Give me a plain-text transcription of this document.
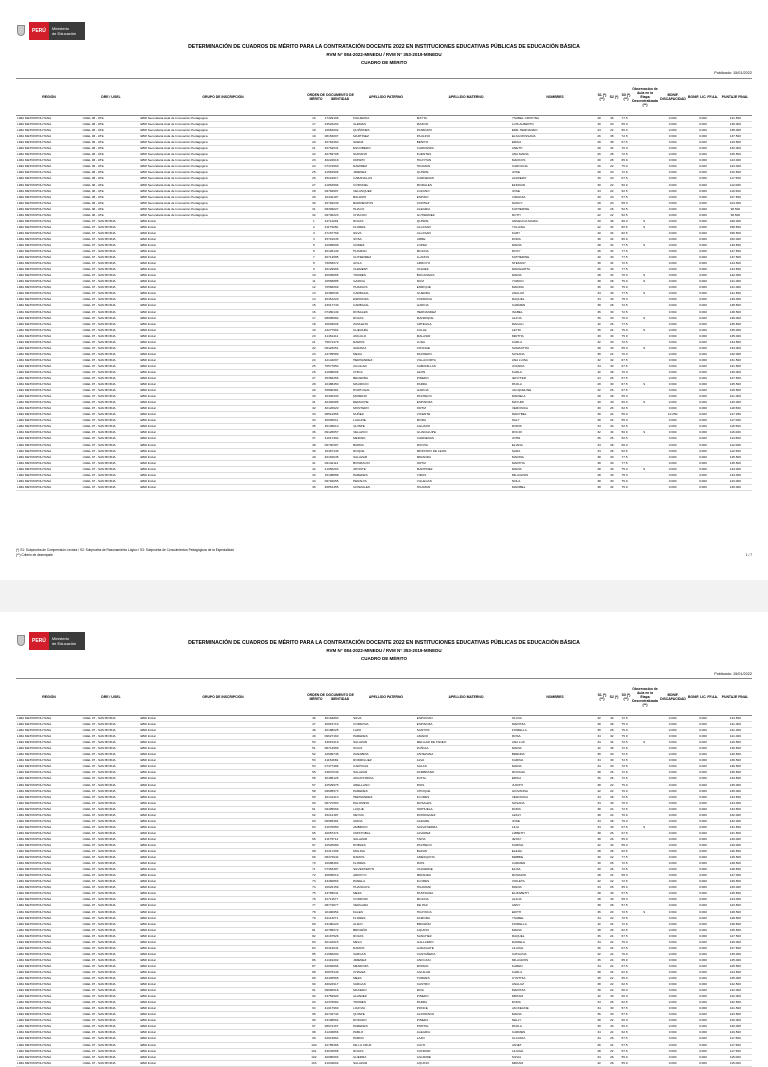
PERÚ	Ministerio
de Educación
DETERMINACIÓN DE CUADROS DE MÉRITO PARA LA CONTRATACIÓN DOCENTE 2022 EN INSTITUCIONES EDUCATIVAS PÚBLICAS DE EDUCACIÓN BÁSICA
RVM N° 084-2022-MINEDU / RVM N° 353-2019-MINEDU
CUADRO DE MÉRITO
Publicado: 15/01/2022
REGIÓN	DRE / UGEL	GRUPO DE INSCRIPCIÓN	ORDEN DE MÉRITO
DOCUMENTO DE IDENTIDAD	APELLIDO PATERNO	APELLIDO MATERNO	NOMBRES	S1 (*) (**)	S2 (*) S3 (*) (**)
Observación de Aula en la Etapa Descentralizada (**)
BONIF. DISCAPACIDAD BONIF. LIC. FF.AA.	PUNTAJE FINAL
LIMA METROPOLITANA	UGEL 06 - ATE	EBR Secundaria Aula de Innovación Pedagógica	16	17429196	FIGUEROA	MAYTA	YSABEL CRISTINA	28	36	77.5	0.000	0.000	141.500
LIMA METROPOLITANA	UGEL 06 - ATE	EBR Secundaria Aula de Innovación Pedagógica	17	43522202	ALEMAN	MAZON	LUIS ALBERTO	30	20	65.0	0.000	0.000	139.000
LIMA METROPOLITANA	UGEL 06 - ATE	EBR Secundaria Aula de Innovación Pedagógica	18	10664002	QUIÑONES	PANDURO	EMIL HERNANDO	34	22	60.0	0.000	0.000	138.000
LIMA METROPOLITANA	UGEL 06 - ATE	EBR Secundaria Aula de Innovación Pedagógica	19	08153007	MARTINEZ	PAULINO	ELSA ROSSANA	26	38	72.5	0.000	0.000	137.500
LIMA METROPOLITANA	UGEL 06 - ATE	EBR Secundaria Aula de Innovación Pedagógica	20	40764460	SAENZ	BENITO	ERIKA	28	38	67.5	0.000	0.000	133.500
LIMA METROPOLITANA	UGEL 06 - ATE	EBR Secundaria Aula de Innovación Pedagógica	21	45764031	ESCOBEDO	CARRANZA	ANETH	28	34	70.0	0.000	0.000	132.000
LIMA METROPOLITANA	UGEL 06 - ATE	EBR Secundaria Aula de Innovación Pedagógica	22	40769708	SURIANO	FUENTES	ANA MARIA	26	28	72.5	0.000	0.000	126.500
LIMA METROPOLITANA	UGEL 06 - ATE	EBR Secundaria Aula de Innovación Pedagógica	23	40224618	CRISPO	HUAYTAN	MARCOS	30	28	65.0	0.000	0.000	123.000
LIMA METROPOLITANA	UGEL 06 - ATE	EBR Secundaria Aula de Innovación Pedagógica	24	07474669	RAMIREZ	HUAMAN	CAROLINA	26	22	75.0	0.000	0.000	123.000
LIMA METROPOLITANA	UGEL 06 - ATE	EBR Secundaria Aula de Innovación Pedagógica	25	41563996	JIMENEZ	QUISPE	JOSE	28	20	72.5	0.000	0.000	120.500
LIMA METROPOLITANA	UGEL 06 - ATE	EBR Secundaria Aula de Innovación Pedagógica	26	45224017	CABANILLAS	CARDENAS	ALFREDO	30	20	67.5	0.000	0.000	117.500
LIMA METROPOLITANA	UGEL 06 - ATE	EBR Secundaria Aula de Innovación Pedagógica	27	41864596	CORONEL	MORALES	EFFRAIN	30	22	60.0	0.000	0.000	112.000
LIMA METROPOLITANA	UGEL 06 - ATE	EBR Secundaria Aula de Innovación Pedagógica	28	09784997	VELASQUEZ	LOZANO	JOSE	34	24	52.5	0.000	0.000	110.500
LIMA METROPOLITANA	UGEL 06 - ATE	EBR Secundaria Aula de Innovación Pedagógica	29	10442187	BALDIZO	ESPINO	VIRGINIA	30	20	57.5	0.000	0.000	107.500
LIMA METROPOLITANA	UGEL 06 - ATE	EBR Secundaria Aula de Innovación Pedagógica	30	46792239	BARRIENTOS	CORTEZ	NANCY	28	20	55.0	0.000	0.000	103.000
LIMA METROPOLITANA	UGEL 06 - ATE	EBR Secundaria Aula de Innovación Pedagógica	31	08309027	HUACO	ALEGRIA	KATHERINE	18	26	52.5	0.000	0.000	96.500
LIMA METROPOLITANA	UGEL 06 - ATE	EBR Secundaria Aula de Innovación Pedagógica	32	09706223	CHACON	GUTIERREZ	RUTH	22	22	52.5	0.000	0.000	96.500
LIMA METROPOLITANA	UGEL 07 - SAN BORJA	EBR Inicial	1	44711249	ROJAS	QUISPE	ANGELICA MARIA	40	36	90.0	S	0.000	0.000	166.000
LIMA METROPOLITANA	UGEL 07 - SAN BORJA	EBR Inicial	2	41175260	FLORES	ALLASAR	YULIANA	42	34	82.5	S	0.000	0.000	158.500
LIMA METROPOLITANA	UGEL 07 - SAN BORJA	EBR Inicial	3	47167769	SILVA	ALLASAR	KARY	40	34	82.5	0.000	0.000	156.500
LIMA METROPOLITANA	UGEL 07 - SAN BORJA	EBR Inicial	4	45710045	SOSA	URBE	DORA	38	34	80.0	0.000	0.000	152.000
LIMA METROPOLITANA	UGEL 07 - SAN BORJA	EBR Inicial	5	42089608	GOMEZ	LOPEZ	MARIA	38	34	77.5	S	0.000	0.000	149.500
LIMA METROPOLITANA	UGEL 07 - SAN BORJA	EBR Inicial	6	40126149	HUAMAN	MOLINA	ROXY	36	34	77.5	0.000	0.000	147.500
LIMA METROPOLITANA	UGEL 07 - SAN BORJA	EBR Inicial	7	46714685	GUTIERREZ	LLANOS	KATHERINE	40	30	77.5	0.000	0.000	147.500
LIMA METROPOLITANA	UGEL 07 - SAN BORJA	EBR Inicial	8	76653072	AVILA	ARROYO	STEFANY	38	34	72.5	0.000	0.000	144.500
LIMA METROPOLITANA	UGEL 07 - SAN BORJA	EBR Inicial	9	46129966	CLEMENT	VALDEZ	MARGARITA	36	30	77.5	0.000	0.000	143.500
LIMA METROPOLITANA	UGEL 07 - SAN BORJA	EBR Inicial	10	40909665	TORRES	BOCANGRA	MARIA	38	34	70.0	S	0.000	0.000	142.000
LIMA METROPOLITANA	UGEL 07 - SAN BORJA	EBR Inicial	11	16583885	GARCIA	RUIZ	YURIKO	38	28	75.0	S	0.000	0.000	141.000
LIMA METROPOLITANA	UGEL 07 - SAN BORJA	EBR Inicial	12	70566699	HUARAYA	ENRIQUE	MARINA	36	30	75.0	0.000	0.000	141.000
LIMA METROPOLITANA	UGEL 07 - SAN BORJA	EBR Inicial	13	10466546	CARBAJAL	GUERRA	ANALUZ	34	30	77.5	S	0.000	0.000	141.500
LIMA METROPOLITANA	UGEL 07 - SAN BORJA	EBR Inicial	14	40451229	ESPINOZA	CORDOVA	RAQUEL	34	30	75.0	0.000	0.000	139.000
LIMA METROPOLITANA	UGEL 07 - SAN BORJA	EBR Inicial	15	43017749	CARBAJAL	GARCIA	CARMEN	38	28	72.5	0.000	0.000	138.500
LIMA METROPOLITANA	UGEL 07 - SAN BORJA	EBR Inicial	16	07480149	ROSALES	HERNANDEZ	ISABEL	36	30	72.5	0.000	0.000	138.500
LIMA METROPOLITANA	UGEL 07 - SAN BORJA	EBR Inicial	17	08995082	ROJAS	MANRIQUE	ALICIA	36	30	70.0	S	0.000	0.000	136.000
LIMA METROPOLITANA	UGEL 07 - SAN BORJA	EBR Inicial	18	10603006	ZAVALETA	ARTEAGA	MAGALI	32	26	77.5	0.000	0.000	135.500
LIMA METROPOLITANA	UGEL 07 - SAN BORJA	EBR Inicial	19	43277964	GUEVARA	CALLE	LEYDI	36	24	75.0	S	0.000	0.000	135.000
LIMA METROPOLITANA	UGEL 07 - SAN BORJA	EBR Inicial	20	41461411	ANGULO	MALASIR	MIRTHA	30	30	75.0	0.000	0.000	135.000
LIMA METROPOLITANA	UGEL 07 - SAN BORJA	EBR Inicial	21	75671479	RAMOS	LUNA	CARLA	32	30	72.5	0.000	0.000	134.500
LIMA METROPOLITANA	UGEL 07 - SAN BORJA	EBR Inicial	22	09423251	SARAVIA	CHANGE	SAMANTHA	38	30	65.0	S	0.000	0.000	133.000
LIMA METROPOLITANA	UGEL 07 - SAN BORJA	EBR Inicial	23	44795589	MEJIA	PACHERO	SUSANA	38	24	70.0	0.000	0.000	132.000
LIMA METROPOLITANA	UGEL 07 - SAN BORJA	EBR Inicial	24	42144097	HERNANDEZ	VILLACORTA	ANA LUISA	32	32	67.5	0.000	0.000	131.500
LIMA METROPOLITANA	UGEL 07 - SAN BORJA	EBR Inicial	25	76577850	AGUILAR	CABANILLAS	JOANNA	34	30	67.5	0.000	0.000	131.500
LIMA METROPOLITANA	UGEL 07 - SAN BORJA	EBR Inicial	26	41686606	CHICA	LEON	KARLA	32	28	70.0	0.000	0.000	130.000
LIMA METROPOLITANA	UGEL 07 - SAN BORJA	EBR Inicial	27	45366256	BECERRA	PINEDO	JENYTER	34	26	67.5	0.000	0.000	127.500
LIMA METROPOLITANA	UGEL 07 - SAN BORJA	EBR Inicial	28	10488450	MAURICIO	PARRA	PAOLA	28	30	67.5	S	0.000	0.000	125.500
LIMA METROPOLITANA	UGEL 07 - SAN BORJA	EBR Inicial	29	45890481	PORTUGAL	GARCIA	JACQUELINE	32	26	67.5	0.000	0.000	125.500
LIMA METROPOLITANA	UGEL 07 - SAN BORJA	EBR Inicial	30	10330430	MORENO	PACHECO	MARIELA	28	28	65.0	0.000	0.000	121.000
LIMA METROPOLITANA	UGEL 07 - SAN BORJA	EBR Inicial	31	40492686	REMACHE	ESPINOZA	MAYUMI	30	30	60.0	S	0.000	0.000	120.000
LIMA METROPOLITANA	UGEL 07 - SAN BORJA	EBR Inicial	32	40126920	MONTERO	ORTIZ	VERONICA	30	26	62.5	0.000	0.000	118.500
LIMA METROPOLITANA	UGEL 07 - SAN BORJA	EBR Inicial	33	08512956	NUÑEZ	VICENTE	MARYBEL	38	24	55.0	10.250	0.000	127.250
LIMA METROPOLITANA	UGEL 07 - SAN BORJA	EBR Inicial	34	40935011	LAGUNE	MORA	SALY	38	24	55.0	0.000	0.000	117.000
LIMA METROPOLITANA	UGEL 07 - SAN BORJA	EBR Inicial	35	45109610	QUISPE	AGUADO	DORIS	34	30	52.5	0.000	0.000	116.500
LIMA METROPOLITANA	UGEL 07 - SAN BORJA	EBR Inicial	36	09126657	VELAZCO	GUADALUPE	ROCIO	32	34	50.0	S	0.000	0.000	116.000
LIMA METROPOLITANA	UGEL 07 - SAN BORJA	EBR Inicial	37	41017302	MERINO	CARDENAS	JOHN	36	26	52.5	0.000	0.000	114.500
LIMA METROPOLITANA	UGEL 07 - SAN BORJA	EBR Inicial	38	09700497	BARRA	ROCHA	ELIANA	34	28	50.0	0.000	0.000	112.000
LIMA METROPOLITANA	UGEL 07 - SAN BORJA	EBR Inicial	39	10467146	ROQUE	MINISTRO DE LEON	SARA	34	26	52.5	0.000	0.000	112.500
LIMA METROPOLITANA	UGEL 07 - SAN BORJA	EBR Inicial	40	40181645	SALAZAR	MIRANDA	MARINA	38	30	77.5	0.000	0.000	145.500
LIMA METROPOLITANA	UGEL 07 - SAN BORJA	EBR Inicial	41	09132114	BONIFACIO	ORTIZ	MARTHA	38	30	77.5	0.000	0.000	145.500
LIMA METROPOLITANA	UGEL 07 - SAN BORJA	EBR Inicial	42	41050203	APONTE	MARTINEZ	MARIA	38	30	75.0	S	0.000	0.000	143.000
LIMA METROPOLITANA	UGEL 07 - SAN BORJA	EBR Inicial	43	15198888	PAREDES	VIRUS	MILAGROS	38	30	75.0	0.000	0.000	143.000
LIMA METROPOLITANA	UGEL 07 - SAN BORJA	EBR Inicial	44	09794055	PERALTA	VILLEGAS	NOLA	38	30	75.0	0.000	0.000	143.000
LIMA METROPOLITANA	UGEL 07 - SAN BORJA	EBR Inicial	45	40851455	GONZALES	HUAMAN	MARIBEL	38	32	75.0	0.000	0.000	145.000
(*) S1: Subprueba de Comprensión Lectora / S2: Subprueba de Razonamiento Lógico / S3: Subprueba de Conocimientos Pedagógicos de la Especialidad
(**) Criterio de desempate	1 / 7
PERÚ	Ministerio
de Educación	DETERMINACIÓN DE CUADROS DE MÉRITO PARA LA CONTRATACIÓN DOCENTE 2022 EN INSTITUCIONES EDUCATIVAS PÚBLICAS DE EDUCACIÓN BÁSICA
RVM N° 084-2022-MINEDU / RVM N° 353-2019-MINEDU
CUADRO DE MÉRITO
Publicado: 15/01/2022
REGIÓN	DRE / UGEL	GRUPO DE INSCRIPCIÓN	ORDEN DE MÉRITO
DOCUMENTO DE IDENTIDAD	APELLIDO PATERNO	APELLIDO MATERNO	NOMBRES	S1 (*) (**)	S2 (*) S3 (*) (**)
Observación de Aula en la Etapa Descentralizada (**)
BONIF. DISCAPACIDAD BONIF. LIC. FF.AA.	PUNTAJE FINAL
LIMA METROPOLITANA	UGEL 07 - SAN BORJA	EBR Inicial	46	40164893	SILVA	ESPICHAN	OLIVIA	32	40	72.5	0.000	0.000	144.500
LIMA METROPOLITANA	UGEL 07 - SAN BORJA	EBR Inicial	47	40815719	CORDOVA	ESPINOZA	MARITZA	38	28	75.0	0.000	0.000	141.000
LIMA METROPOLITANA	UGEL 07 - SAN BORJA	EBR Inicial	48	40188025	LAZO	SANTOS	FIORELLA	38	28	75.0	0.000	0.000	141.000
LIMA METROPOLITANA	UGEL 07 - SAN BORJA	EBR Inicial	49	09627160	PAREDES	AMADO	ROSA	34	32	75.0	0.000	0.000	141.000
LIMA METROPOLITANA	UGEL 07 - SAN BORJA	EBR Inicial	50	43015419	SALAZAR	MELGAR DE TADEO	ANA LUZ	34	34	72.5	S	0.000	0.000	140.500
LIMA METROPOLITANA	UGEL 07 - SAN BORJA	EBR Inicial	51	08714568	SOLIS	ZUÑIGA	MARIA	32	36	72.5	0.000	0.000	140.500
LIMA METROPOLITANA	UGEL 07 - SAN BORJA	EBR Inicial	52	10599748	ZANABRIA	ANTEZANA	BRENDA	38	30	72.5	0.000	0.000	140.500
LIMA METROPOLITANA	UGEL 07 - SAN BORJA	EBR Inicial	53	41152669	RODRIGUEZ	ALVA	KARINA	34	30	72.5	0.000	0.000	136.500
LIMA METROPOLITANA	UGEL 07 - SAN BORJA	EBR Inicial	54	07477489	CARHUAS	SALAS	MARIA	34	30	72.5	0.000	0.000	136.500
LIMA METROPOLITANA	UGEL 07 - SAN BORJA	EBR Inicial	55	43847049	SALAZAR	ZAMBRANO	ROXANA	38	26	72.5	0.000	0.000	136.500
LIMA METROPOLITANA	UGEL 07 - SAN BORJA	EBR Inicial	56	40486126	ANGOSTRIDA	ZUTAL	ERIKA	36	26	72.5	0.000	0.000	134.500
LIMA METROPOLITANA	UGEL 07 - SAN BORJA	EBR Inicial	57	42529976	ARELLANO	RIOS	JUDITH	38	22	75.0	0.000	0.000	135.000
LIMA METROPOLITANA	UGEL 07 - SAN BORJA	EBR Inicial	58	09695573	PAREDES	CHOQUE	GIOVANNA	42	24	70.0	0.000	0.000	136.000
LIMA METROPOLITANA	UGEL 07 - SAN BORJA	EBR Inicial	59	40141413	HERNANDEZ	FLORES	VERONICA	34	28	72.5	0.000	0.000	134.500
LIMA METROPOLITANA	UGEL 07 - SAN BORJA	EBR Inicial	60	08727063	PALOMINO	ROSALES	SUSANA	34	30	70.0	0.000	0.000	134.000
LIMA METROPOLITANA	UGEL 07 - SAN BORJA	EBR Inicial	61	09405669	LUQUE	ORIHUELA	DORA	38	24	72.5	0.000	0.000	134.500
LIMA METROPOLITANA	UGEL 07 - SAN BORJA	EBR Inicial	62	45214187	NEYRA	RODRIGUEZ	LESLY	38	24	70.0	0.000	0.000	132.000
LIMA METROPOLITANA	UGEL 07 - SAN BORJA	EBR Inicial	63	09965481	ANDIA	ALEGRE	JOSE	34	28	70.0	0.000	0.000	132.000
LIMA METROPOLITANA	UGEL 07 - SAN BORJA	EBR Inicial	64	41076950	AMBRICO	SALVATIERRA	LILIA	34	30	67.5	S	0.000	0.000	131.500
LIMA METROPOLITANA	UGEL 07 - SAN BORJA	EBR Inicial	65	40657474	CRISTOBAL	ALVAREZ	LIZBETH	38	26	67.5	0.000	0.000	131.500
LIMA METROPOLITANA	UGEL 07 - SAN BORJA	EBR Inicial	66	41175714	SALAZAR	TAPIA	JESSY	38	26	65.0	0.000	0.000	129.000
LIMA METROPOLITANA	UGEL 07 - SAN BORJA	EBR Inicial	67	42520689	ROBLES	PACHECO	KARINA	32	32	65.0	0.000	0.000	129.000
LIMA METROPOLITANA	UGEL 07 - SAN BORJA	EBR Inicial	68	42417496	MOLINA	BAZAN	ELENA	38	26	62.5	0.000	0.000	126.500
LIMA METROPOLITANA	UGEL 07 - SAN BORJA	EBR Inicial	69	08474944	RAMOS	AMESQUITA	DEBBIE	30	22	77.5	0.000	0.000	129.500
LIMA METROPOLITANA	UGEL 07 - SAN BORJA	EBR Inicial	70	10098463	FLORES	RIOS	CARMEN	30	26	72.5	0.000	0.000	128.500
LIMA METROPOLITANA	UGEL 07 - SAN BORJA	EBR Inicial	71	07353487	SILVESTERYN	VALVERDE	ELISA	30	26	72.5	0.000	0.000	128.500
LIMA METROPOLITANA	UGEL 07 - SAN BORJA	EBR Inicial	72	40805019	ARROYO	MIRANDA	ROSARIO	38	24	65.0	0.000	0.000	127.000
LIMA METROPOLITANA	UGEL 07 - SAN BORJA	EBR Inicial	73	43460863	PANELA	FLORES	VIOLETA	32	22	72.5	0.000	0.000	126.500
LIMA METROPOLITANA	UGEL 07 - SAN BORJA	EBR Inicial	74	10022159	HUANCAYA	HUAMANI	MARIA	34	26	65.0	0.000	0.000	125.000
LIMA METROPOLITANA	UGEL 07 - SAN BORJA	EBR Inicial	75	43765641	MEZA	PASTRANA	ELIZABETH	38	30	57.5	0.000	0.000	125.500
LIMA METROPOLITANA	UGEL 07 - SAN BORJA	EBR Inicial	76	42711577	CONDORI	MOLINA	ALICIA	38	30	55.0	0.000	0.000	123.000
LIMA METROPOLITANA	UGEL 07 - SAN BORJA	EBR Inicial	77	08774877	VERGARA	DE PAZ	ANNY	38	28	57.5	0.000	0.000	123.500
LIMA METROPOLITANA	UGEL 07 - SAN BORJA	EBR Inicial	78	10490954	FALEN	HUAYNCA	EDITH	36	20	72.5	S	0.000	0.000	128.500
LIMA METROPOLITANA	UGEL 07 - SAN BORJA	EBR Inicial	79	44113271	FLORES	ZAMORA	YSABEL	34	22	72.5	0.000	0.000	128.500
LIMA METROPOLITANA	UGEL 07 - SAN BORJA	EBR Inicial	80	43180220	ALDAY	BRICEÑO	FIORELLA	32	24	72.5	0.000	0.000	128.500
LIMA METROPOLITANA	UGEL 07 - SAN BORJA	EBR Inicial	81	40785070	BRICEÑO	AQUINO	MARIA	38	26	62.5	0.000	0.000	126.500
LIMA METROPOLITANA	UGEL 07 - SAN BORJA	EBR Inicial	82	10167526	ROJAS	SANCHEZ	RAQUEL	36	24	67.5	0.000	0.000	127.500
LIMA METROPOLITANA	UGEL 07 - SAN BORJA	EBR Inicial	83	40124015	MELO	GALLARDO	DANIELA	34	22	70.0	0.000	0.000	126.000
LIMA METROPOLITANA	UGEL 07 - SAN BORJA	EBR Inicial	84	10413041	RAMOS	GARAGATE	LILIANA	36	24	67.5	0.000	0.000	127.500
LIMA METROPOLITANA	UGEL 07 - SAN BORJA	EBR Inicial	85	41960000	VARGAS	CASTAÑEDA	CATALINA	32	24	70.0	0.000	0.000	126.000
LIMA METROPOLITANA	UGEL 07 - SAN BORJA	EBR Inicial	86	41419402	JIMENEZ	ANCCASI	MILAGROS	36	24	65.0	0.000	0.000	125.000
LIMA METROPOLITANA	UGEL 07 - SAN BORJA	EBR Inicial	87	42092066	MENDOZA	ROMAN	KAREN	34	24	67.5	0.000	0.000	125.500
LIMA METROPOLITANA	UGEL 07 - SAN BORJA	EBR Inicial	88	40876449	CHAVEZ	AGUILAR	CARLA	38	24	62.5	0.000	0.000	124.500
LIMA METROPOLITANA	UGEL 07 - SAN BORJA	EBR Inicial	89	46403565	MEZA	TORRES	CYNTHIA	38	22	65.0	0.000	0.000	125.000
LIMA METROPOLITANA	UGEL 07 - SAN BORJA	EBR Inicial	90	46022917	VARGAS	CASTRO	ANALUZ	38	22	62.5	0.000	0.000	122.500
LIMA METROPOLITANA	UGEL 07 - SAN BORJA	EBR Inicial	91	09000916	MACEDO	RIVA	MARITZA	38	24	60.0	0.000	0.000	122.000
LIMA METROPOLITANA	UGEL 07 - SAN BORJA	EBR Inicial	92	43752600	ALVAREZ	PINEDO	MIRIAM	32	30	60.0	0.000	0.000	122.000
LIMA METROPOLITANA	UGEL 07 - SAN BORJA	EBR Inicial	93	42376082	TORRES	PARRA	DORA	34	26	62.5	0.000	0.000	122.500
LIMA METROPOLITANA	UGEL 07 - SAN BORJA	EBR Inicial	94	41017960	LOAYZA	PONCE	JACKELINE	34	30	57.5	0.000	0.000	121.500
LIMA METROPOLITANA	UGEL 07 - SAN BORJA	EBR Inicial	95	40743744	QUISPE	ALDORADO	MARIA	36	30	57.5	0.000	0.000	123.500
LIMA METROPOLITANA	UGEL 07 - SAN BORJA	EBR Inicial	96	43108564	ROSADO	PINEDA	NELLY	38	22	60.0	0.000	0.000	120.000
LIMA METROPOLITANA	UGEL 07 - SAN BORJA	EBR Inicial	97	08674167	PAREDES	PORTAL	PAOLA	30	30	60.0	0.000	0.000	120.000
LIMA METROPOLITANA	UGEL 07 - SAN BORJA	EBR Inicial	98	41203866	PABLO	ALEGRIA	CARMEN	34	24	62.5	0.000	0.000	120.500
LIMA METROPOLITANA	UGEL 07 - SAN BORJA	EBR Inicial	99	42013864	PARDO	LAZO	CLAUDIA	34	26	57.5	0.000	0.000	117.500
LIMA METROPOLITANA	UGEL 07 - SAN BORJA	EBR Inicial	100	42795465	DE LA CRUZ	CAYO	JANET	36	24	57.5	0.000	0.000	117.500
LIMA METROPOLITANA	UGEL 07 - SAN BORJA	EBR Inicial	101	43043566	ROJAS	CONDOR	LILIANA	38	22	57.5	0.000	0.000	117.500
LIMA METROPOLITANA	UGEL 07 - SAN BORJA	EBR Inicial	102	40980693	GUERRA	AGUIRRE	SILVIA	34	26	55.0	0.000	0.000	115.000
LIMA METROPOLITANA	UGEL 07 - SAN BORJA	EBR Inicial	103	41034802	SALAZAR	AQUINO	MIRIAM	32	28	55.0	0.000	0.000	115.000
